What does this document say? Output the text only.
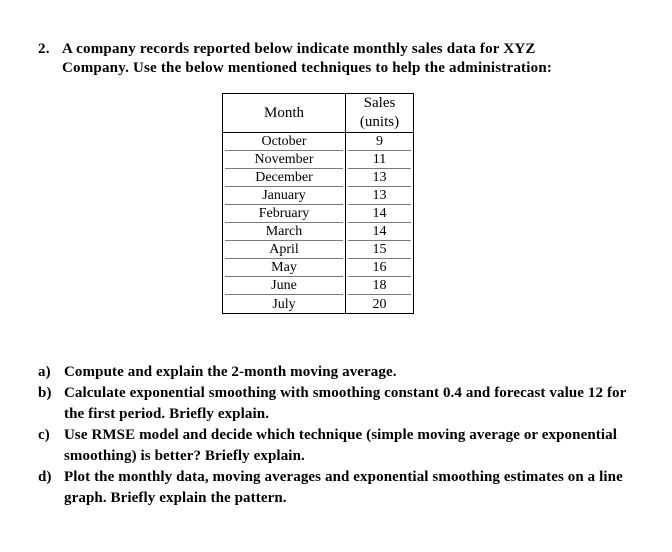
2. A company records reported below indicate monthly sales data for XYZ
Company. Use the below mentioned techniques to help the administration:
Month	Sales
(units)

October	9

November	11

December	13

January	13

February	14

March	14

April	15

May	16

June	18

July	20
a) Compute and explain the 2-month moving average.
b) Calculate exponential smoothing with smoothing constant 0.4 and forecast value 12 for the first period. Briefly explain.
c) Use RMSE model and decide which technique (simple moving average or exponential smoothing) is better? Briefly explain.
d) Plot the monthly data, moving averages and exponential smoothing estimates on a line graph. Briefly explain the pattern.
